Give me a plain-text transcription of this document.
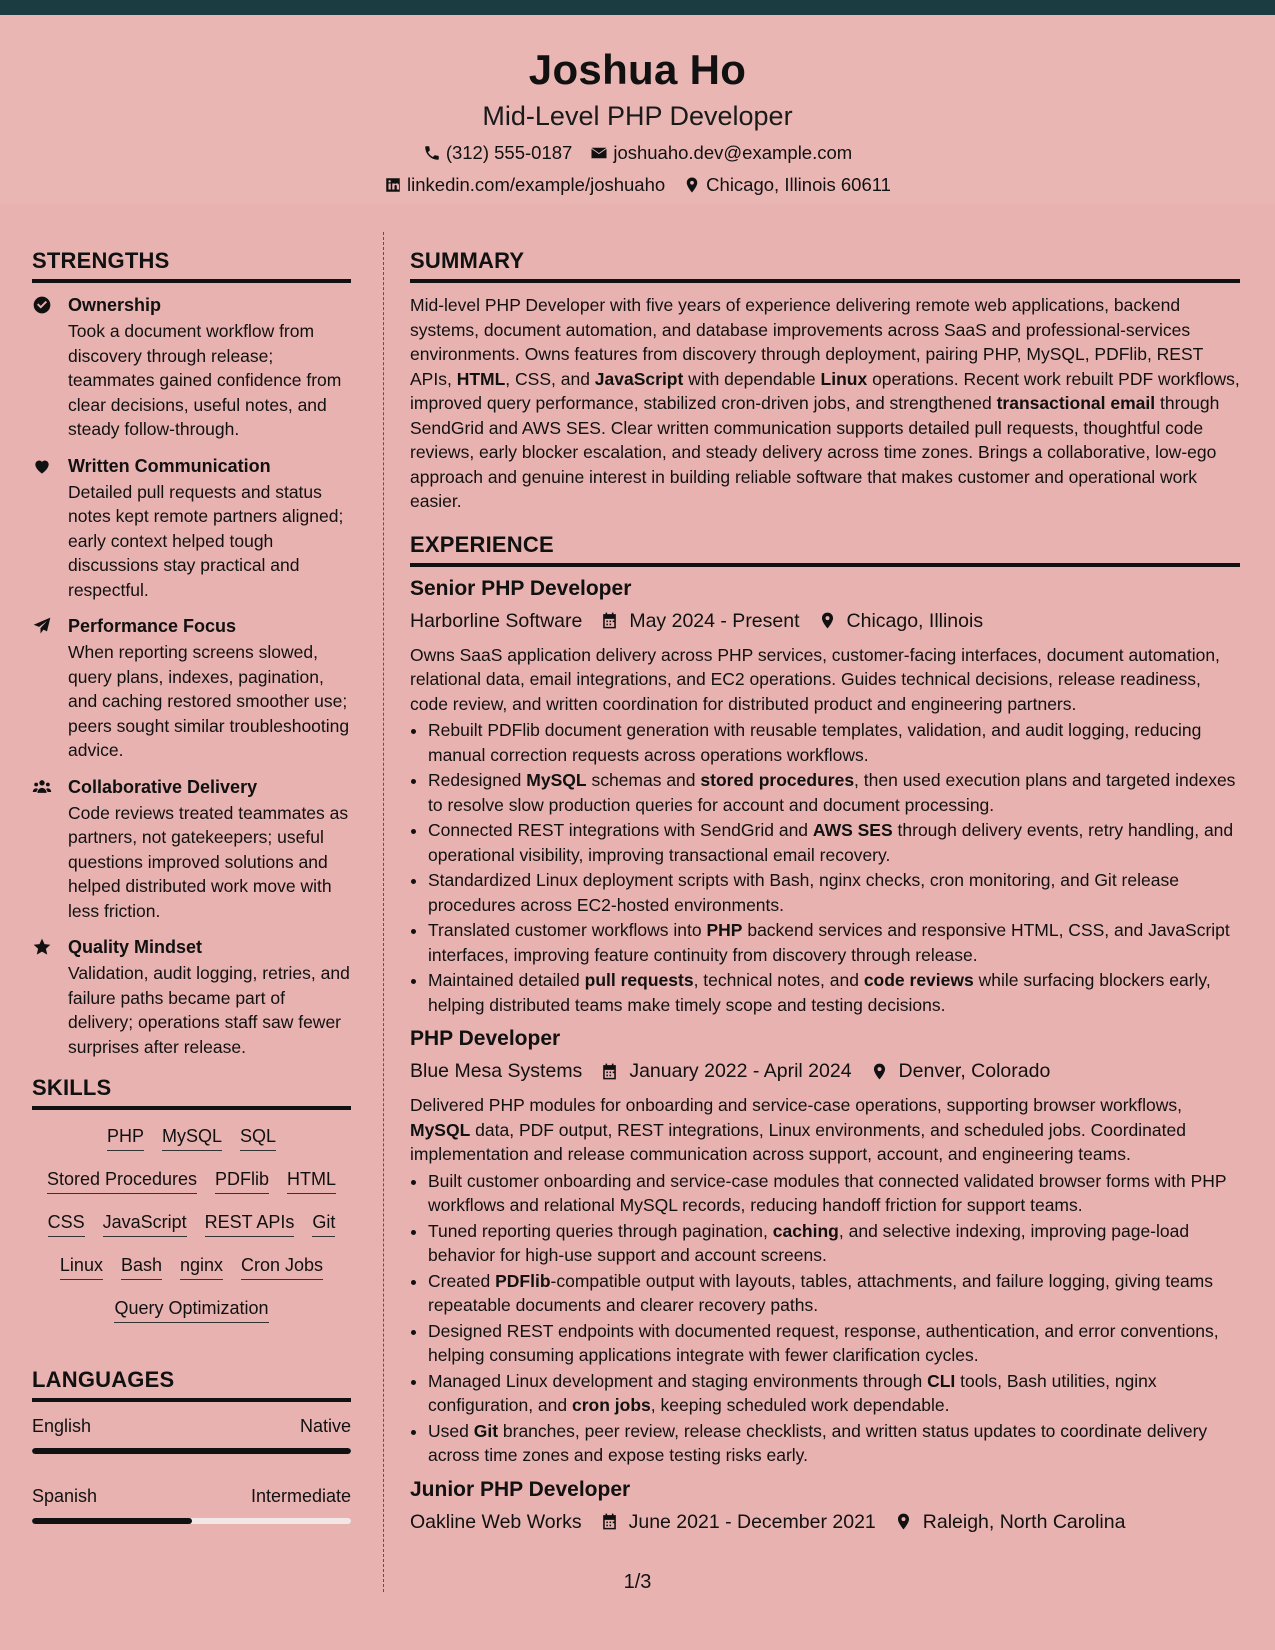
Joshua Ho
Mid-Level PHP Developer
(312) 555-0187 joshuaho.dev@example.com
linkedin.com/example/joshuaho Chicago, Illinois 60611
STRENGTHS
Ownership
Took a document workflow from discovery through release; teammates gained confidence from clear decisions, useful notes, and steady follow-through.
Written Communication
Detailed pull requests and status notes kept remote partners aligned; early context helped tough discussions stay practical and respectful.
Performance Focus
When reporting screens slowed, query plans, indexes, pagination, and caching restored smoother use; peers sought similar troubleshooting advice.
Collaborative Delivery
Code reviews treated teammates as partners, not gatekeepers; useful questions improved solutions and helped distributed work move with less friction.
Quality Mindset
Validation, audit logging, retries, and failure paths became part of delivery; operations staff saw fewer surprises after release.
SKILLS
PHP MySQL SQL
Stored Procedures PDFlib HTML
CSS JavaScript REST APIs Git
Linux Bash nginx Cron Jobs
Query Optimization
LANGUAGES
English	Native
Spanish	Intermediate
SUMMARY
Mid-level PHP Developer with five years of experience delivering remote web applications, backend systems, document automation, and database improvements across SaaS and professional-services environments. Owns features from discovery through deployment, pairing PHP, MySQL, PDFlib, REST APIs, HTML, CSS, and JavaScript with dependable Linux operations. Recent work rebuilt PDF workflows, improved query performance, stabilized cron-driven jobs, and strengthened transactional email through SendGrid and AWS SES. Clear written communication supports detailed pull requests, thoughtful code reviews, early blocker escalation, and steady delivery across time zones. Brings a collaborative, low-ego approach and genuine interest in building reliable software that makes customer and operational work easier.
EXPERIENCE
Senior PHP Developer
Harborline Software May 2024 - Present Chicago, Illinois
Owns SaaS application delivery across PHP services, customer-facing interfaces, document automation, relational data, email integrations, and EC2 operations. Guides technical decisions, release readiness, code review, and written coordination for distributed product and engineering partners.
• Rebuilt PDFlib document generation with reusable templates, validation, and audit logging, reducing manual correction requests across operations workflows.
• Redesigned MySQL schemas and stored procedures, then used execution plans and targeted indexes to resolve slow production queries for account and document processing.
• Connected REST integrations with SendGrid and AWS SES through delivery events, retry handling, and operational visibility, improving transactional email recovery.
• Standardized Linux deployment scripts with Bash, nginx checks, cron monitoring, and Git release procedures across EC2-hosted environments.
• Translated customer workflows into PHP backend services and responsive HTML, CSS, and JavaScript interfaces, improving feature continuity from discovery through release.
• Maintained detailed pull requests, technical notes, and code reviews while surfacing blockers early, helping distributed teams make timely scope and testing decisions.
PHP Developer
Blue Mesa Systems January 2022 - April 2024 Denver, Colorado
Delivered PHP modules for onboarding and service-case operations, supporting browser workflows, MySQL data, PDF output, REST integrations, Linux environments, and scheduled jobs. Coordinated implementation and release communication across support, account, and engineering teams.
• Built customer onboarding and service-case modules that connected validated browser forms with PHP workflows and relational MySQL records, reducing handoff friction for support teams.
• Tuned reporting queries through pagination, caching, and selective indexing, improving page-load behavior for high-use support and account screens.
• Created PDFlib-compatible output with layouts, tables, attachments, and failure logging, giving teams repeatable documents and clearer recovery paths.
• Designed REST endpoints with documented request, response, authentication, and error conventions, helping consuming applications integrate with fewer clarification cycles.
• Managed Linux development and staging environments through CLI tools, Bash utilities, nginx configuration, and cron jobs, keeping scheduled work dependable.
• Used Git branches, peer review, release checklists, and written status updates to coordinate delivery across time zones and expose testing risks early.
Junior PHP Developer
Oakline Web Works June 2021 - December 2021 Raleigh, North Carolina
1/3
